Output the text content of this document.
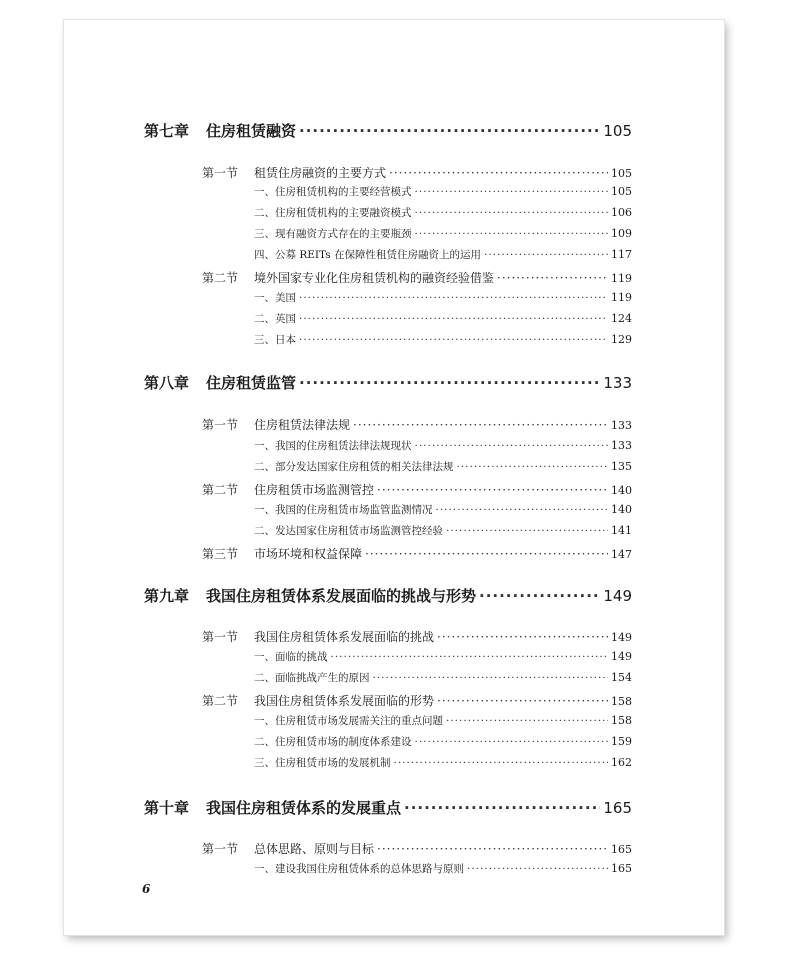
第七章	住房租赁融资 ·····	105
第一节	租赁住房融资的主要方式 ·····	105
一、住房租赁机构的主要经营模式 ·····	105
二、住房租赁机构的主要融资模式 ·····	106
三、现有融资方式存在的主要瓶颈 ·····	109
四、公募 REITs 在保障性租赁住房融资上的运用 ·····	117
第二节	境外国家专业化住房租赁机构的融资经验借鉴 ·····	119
一、美国 ·····	119
二、英国 ·····	124
三、日本 ·····	129
第八章	住房租赁监管 ·····	133
第一节	住房租赁法律法规 ·····	133
一、我国的住房租赁法律法规现状 ·····	133
二、部分发达国家住房租赁的相关法律法规 ·····	135
第二节	住房租赁市场监测管控 ·····	140
一、我国的住房租赁市场监管监测情况 ·····	140
二、发达国家住房租赁市场监测管控经验 ·····	141
第三节	市场环境和权益保障 ·····	147
第九章	我国住房租赁体系发展面临的挑战与形势 ·····	149
第一节	我国住房租赁体系发展面临的挑战 ·····	149
一、面临的挑战 ·····	149
二、面临挑战产生的原因 ·····	154
第二节	我国住房租赁体系发展面临的形势 ·····	158
一、住房租赁市场发展需关注的重点问题 ·····	158
二、住房租赁市场的制度体系建设 ·····	159
三、住房租赁市场的发展机制 ·····	162
第十章	我国住房租赁体系的发展重点 ·····	165
第一节	总体思路、原则与目标 ·····	165
一、建设我国住房租赁体系的总体思路与原则 ·····	165
6
